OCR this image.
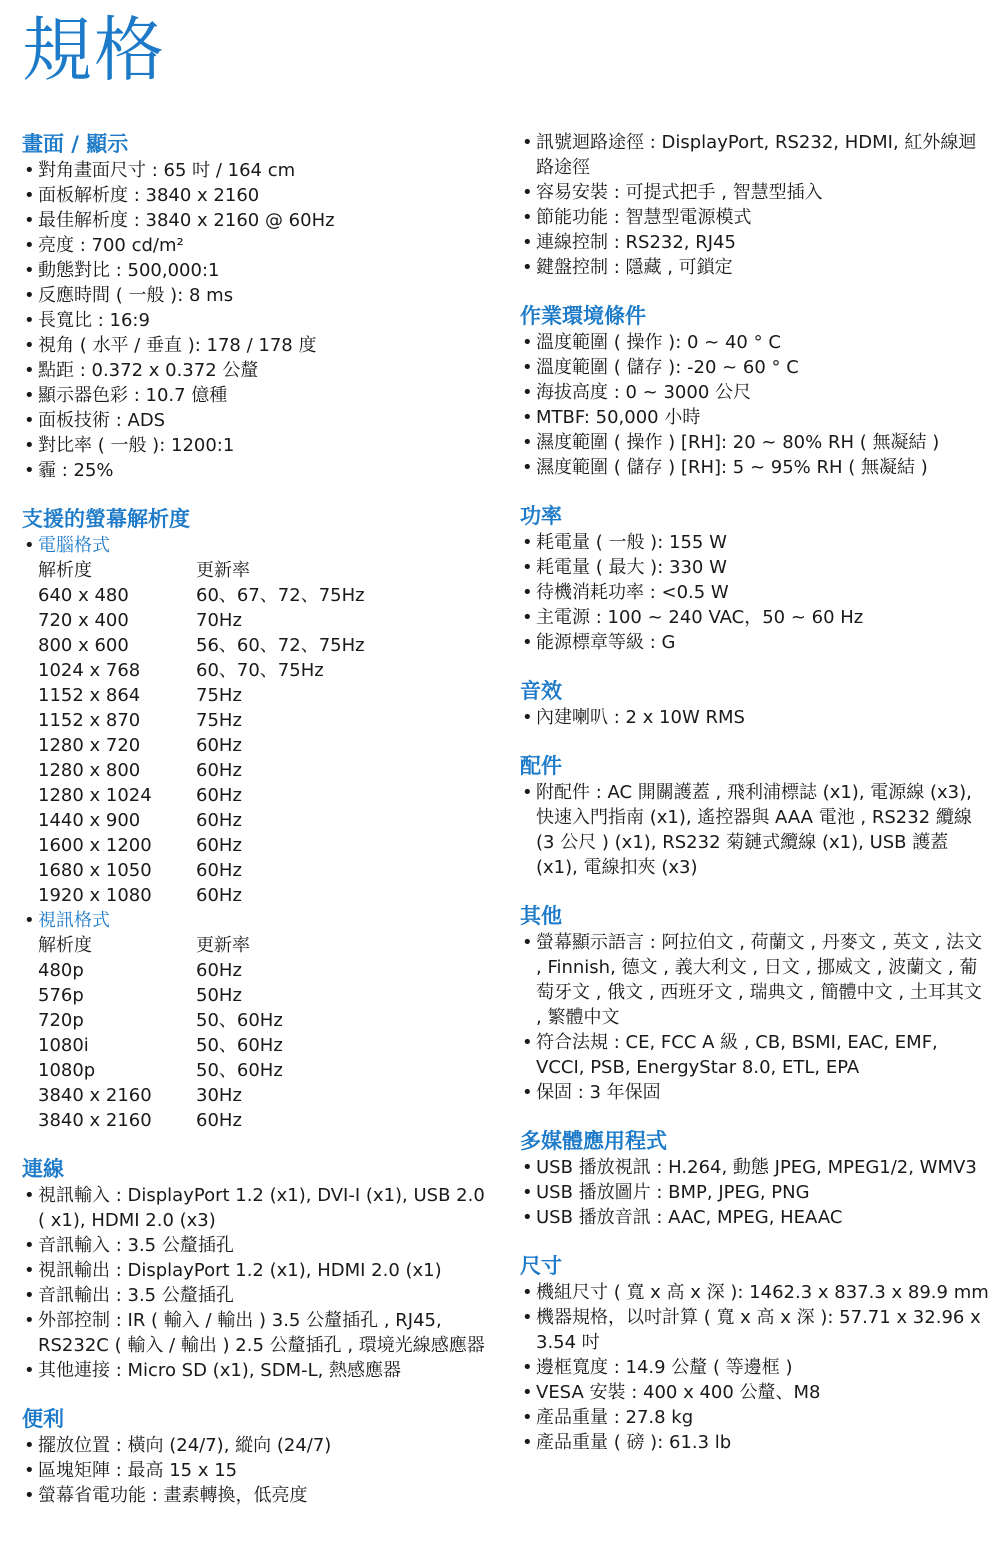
規格
畫面 / 顯示
• 對角畫面尺寸 : 65 吋 / 164 cm
• 面板解析度 : 3840 x 2160
• 最佳解析度 : 3840 x 2160 @ 60Hz
• 亮度 : 700 cd/m²
• 動態對比 : 500,000:1
• 反應時間 ( 一般 ): 8 ms
• 長寬比 : 16:9
• 視角 ( 水平 / 垂直 ): 178 / 178 度
• 點距 : 0.372 x 0.372 公釐
• 顯示器色彩 : 10.7 億種
• 面板技術 : ADS
• 對比率 ( 一般 ): 1200:1
• 霾 : 25%
支援的螢幕解析度
• 電腦格式
解析度	更新率
640 x 480	60、67、72、75Hz
720 x 400	70Hz
800 x 600	56、60、72、75Hz
1024 x 768	60、70、75Hz
1152 x 864	75Hz
1152 x 870	75Hz
1280 x 720	60Hz
1280 x 800	60Hz
1280 x 1024	60Hz
1440 x 900	60Hz
1600 x 1200	60Hz
1680 x 1050	60Hz
1920 x 1080	60Hz
• 視訊格式
解析度	更新率
480p	60Hz
576p	50Hz
720p	50、60Hz
1080i	50、60Hz
1080p	50、60Hz
3840 x 2160	30Hz
3840 x 2160	60Hz
連線
• 視訊輸入 : DisplayPort 1.2 (x1), DVI-I (x1), USB 2.0 ( x1), HDMI 2.0 (x3)
• 音訊輸入 : 3.5 公釐插孔
• 視訊輸出 : DisplayPort 1.2 (x1), HDMI 2.0 (x1)
• 音訊輸出 : 3.5 公釐插孔
• 外部控制 : IR ( 輸入 / 輸出 ) 3.5 公釐插孔 , RJ45, RS232C ( 輸入 / 輸出 ) 2.5 公釐插孔 , 環境光線感應器
• 其他連接 : Micro SD (x1), SDM-L, 熱感應器
便利
• 擺放位置 : 橫向 (24/7), 縱向 (24/7)
• 區塊矩陣 : 最高 15 x 15
• 螢幕省電功能 : 畫素轉換，低亮度
• 訊號迴路途徑 : DisplayPort, RS232, HDMI, 紅外線迴路途徑
• 容易安裝 : 可提式把手 , 智慧型插入
• 節能功能 : 智慧型電源模式
• 連線控制 : RS232, RJ45
• 鍵盤控制 : 隱藏 , 可鎖定
作業環境條件
• 溫度範圍 ( 操作 ): 0 ~ 40 ° C
• 溫度範圍 ( 儲存 ): -20 ~ 60 ° C
• 海拔高度 : 0 ~ 3000 公尺
• MTBF: 50,000 小時
• 濕度範圍 ( 操作 ) [RH]: 20 ~ 80% RH ( 無凝結 )
• 濕度範圍 ( 儲存 ) [RH]: 5 ~ 95% RH ( 無凝結 )
功率
• 耗電量 ( 一般 ): 155 W
• 耗電量 ( 最大 ): 330 W
• 待機消耗功率 : <0.5 W
• 主電源 : 100 ~ 240 VAC，50 ~ 60 Hz
• 能源標章等級 : G
音效
• 內建喇叭 : 2 x 10W RMS
配件
• 附配件 : AC 開關護蓋 , 飛利浦標誌 (x1), 電源線 (x3), 快速入門指南 (x1), 遙控器與 AAA 電池 , RS232 纜線 (3 公尺 ) (x1), RS232 菊鏈式纜線 (x1), USB 護蓋 (x1), 電線扣夾 (x3)
其他
• 螢幕顯示語言 : 阿拉伯文 , 荷蘭文 , 丹麥文 , 英文 , 法文 , Finnish, 德文 , 義大利文 , 日文 , 挪威文 , 波蘭文 , 葡萄牙文 , 俄文 , 西班牙文 , 瑞典文 , 簡體中文 , 土耳其文 , 繁體中文
• 符合法規 : CE, FCC A 級 , CB, BSMI, EAC, EMF, VCCI, PSB, EnergyStar 8.0, ETL, EPA
• 保固 : 3 年保固
多媒體應用程式
• USB 播放視訊 : H.264, 動態 JPEG, MPEG1/2, WMV3
• USB 播放圖片 : BMP, JPEG, PNG
• USB 播放音訊 : AAC, MPEG, HEAAC
尺寸
• 機組尺寸 ( 寬 x 高 x 深 ): 1462.3 x 837.3 x 89.9 mm
• 機器規格，以吋計算 ( 寬 x 高 x 深 ): 57.71 x 32.96 x 3.54 吋
• 邊框寬度 : 14.9 公釐 ( 等邊框 )
• VESA 安裝 : 400 x 400 公釐、M8
• 產品重量 : 27.8 kg
• 產品重量 ( 磅 ): 61.3 lb
